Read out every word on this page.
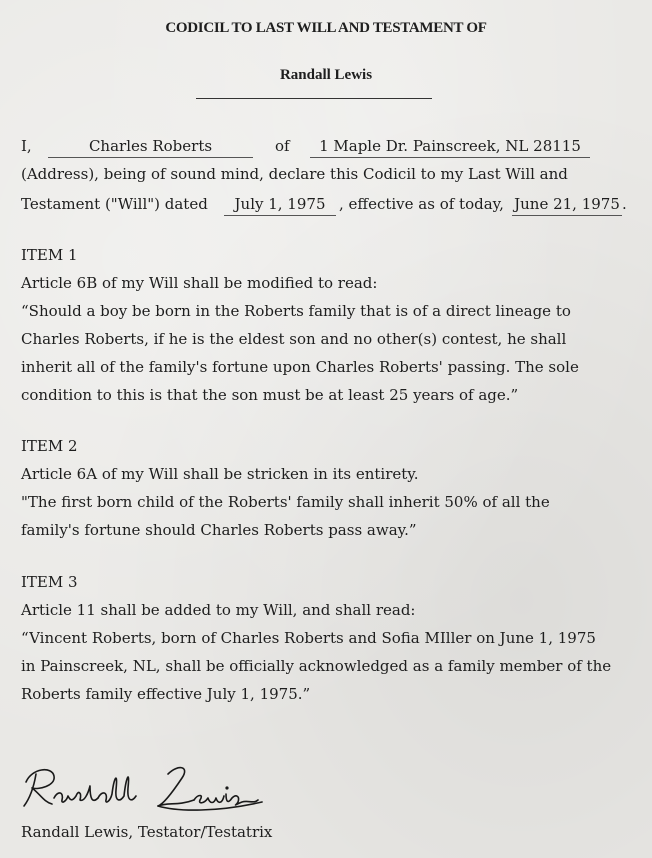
CODICIL TO LAST WILL AND TESTAMENT OF
Randall Lewis
I,	Charles Roberts	of	1 Maple Dr. Painscreek, NL 28115
(Address), being of sound mind, declare this Codicil to my Last Will and
Testament ("Will") dated	July 1, 1975 , effective as of today, June 21, 1975 .
ITEM 1
Article 6B of my Will shall be modified to read:
“Should a boy be born in the Roberts family that is of a direct lineage to
Charles Roberts, if he is the eldest son and no other(s) contest, he shall
inherit all of the family's fortune upon Charles Roberts' passing. The sole
condition to this is that the son must be at least 25 years of age.”
ITEM 2
Article 6A of my Will shall be stricken in its entirety.
"The first born child of the Roberts' family shall inherit 50% of all the
family's fortune should Charles Roberts pass away.”
ITEM 3
Article 11 shall be added to my Will, and shall read:
“Vincent Roberts, born of Charles Roberts and Sofia MIller on June 1, 1975
in Painscreek, NL, shall be officially acknowledged as a family member of the
Roberts family effective July 1, 1975.”
Randall Lewis, Testator/Testatrix
